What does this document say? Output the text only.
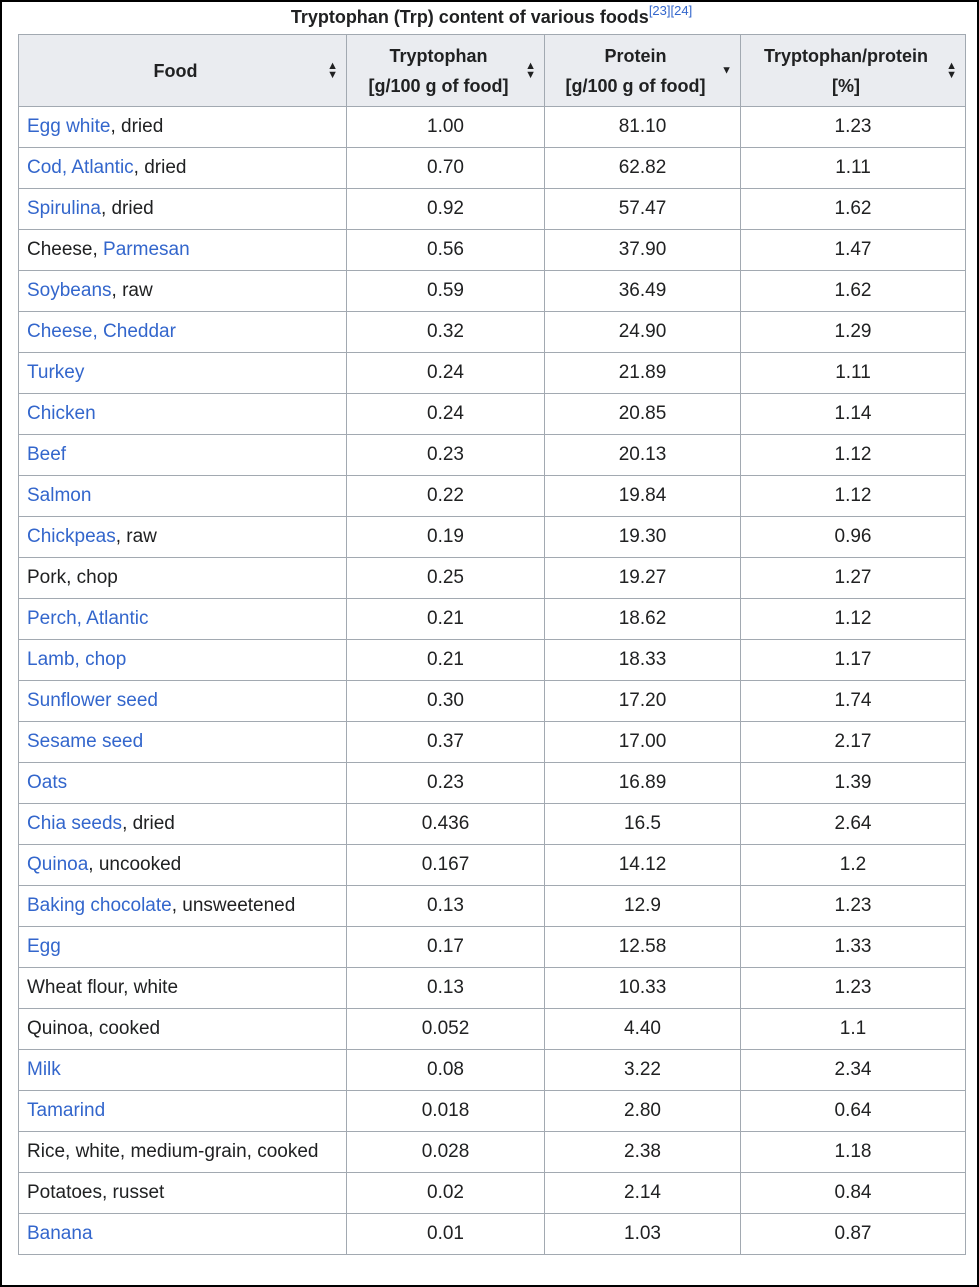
Tryptophan (Trp) content of various foods[23][24]
Food ▲
▼	Tryptophan
[g/100 g of food]
▲
▼	Protein
[g/100 g of food]
▼	Tryptophan/protein
[%]
▲
▼

Egg white, dried	1.00	81.10	1.23
Cod, Atlantic, dried	0.70	62.82	1.11
Spirulina, dried	0.92	57.47	1.62
Cheese, Parmesan	0.56	37.90	1.47
Soybeans, raw	0.59	36.49	1.62
Cheese, Cheddar	0.32	24.90	1.29
Turkey	0.24	21.89	1.11
Chicken	0.24	20.85	1.14
Beef	0.23	20.13	1.12
Salmon	0.22	19.84	1.12
Chickpeas, raw	0.19	19.30	0.96
Pork, chop	0.25	19.27	1.27
Perch, Atlantic	0.21	18.62	1.12
Lamb, chop	0.21	18.33	1.17
Sunflower seed	0.30	17.20	1.74
Sesame seed	0.37	17.00	2.17
Oats	0.23	16.89	1.39
Chia seeds, dried	0.436	16.5	2.64
Quinoa, uncooked	0.167	14.12	1.2
Baking chocolate, unsweetened	0.13	12.9	1.23
Egg	0.17	12.58	1.33
Wheat flour, white	0.13	10.33	1.23
Quinoa, cooked	0.052	4.40	1.1
Milk	0.08	3.22	2.34
Tamarind	0.018	2.80	0.64
Rice, white, medium-grain, cooked	0.028	2.38	1.18
Potatoes, russet	0.02	2.14	0.84
Banana	0.01	1.03	0.87
